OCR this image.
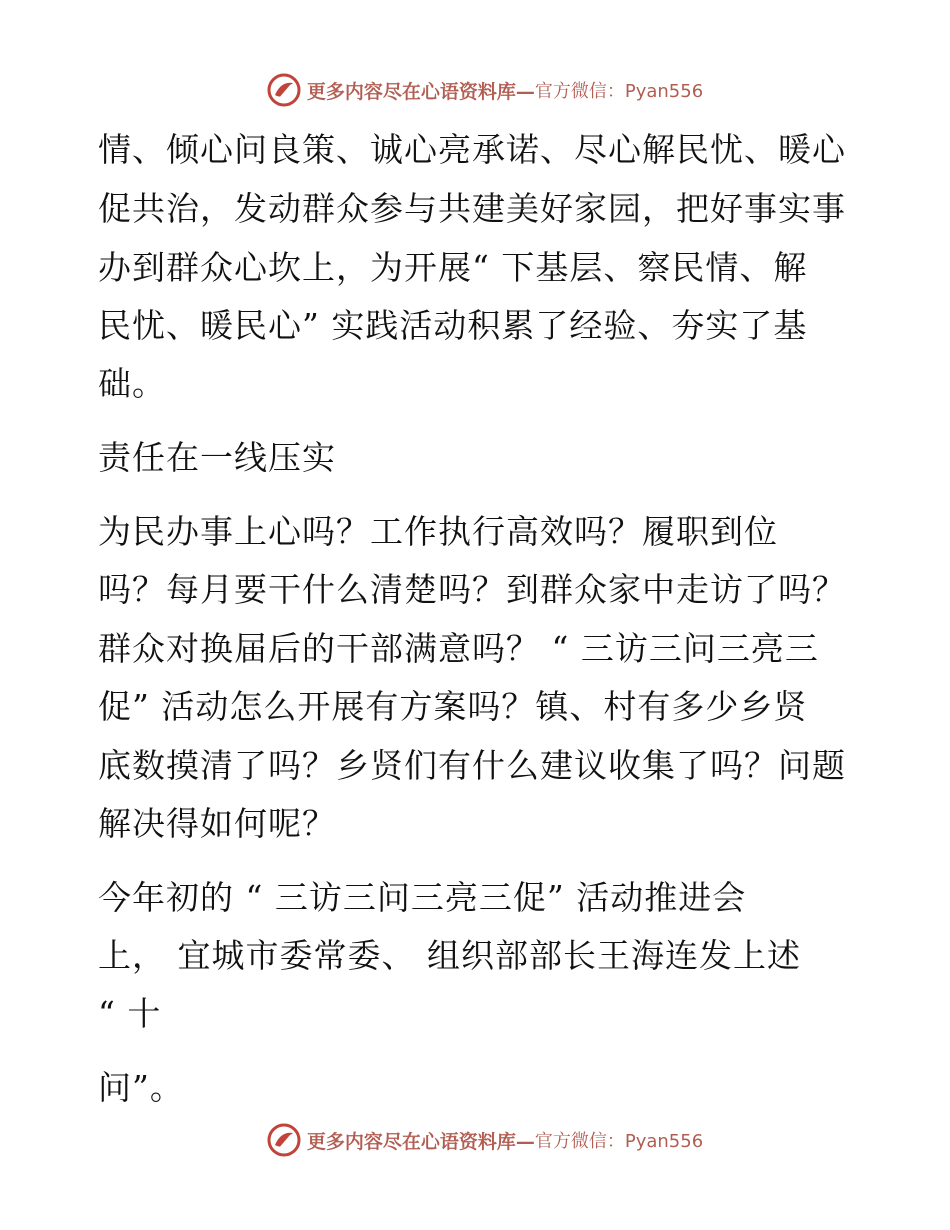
更多内容尽在心语资料库— 官方微信：Pyan556
情、倾心问良策、诚心亮承诺、尽心解民忧、暖心
促共治，发动群众参与共建美好家园，把好事实事
办到群众心坎上，为开展“ 下基层、察民情、解
民忧、暖民心” 实践活动积累了经验、夯实了基
础。
责任在一线压实
为民办事上心吗？工作执行高效吗？履职到位
吗？每月要干什么清楚吗？到群众家中走访了吗？
群众对换届后的干部满意吗？ “ 三访三问三亮三
促” 活动怎么开展有方案吗？镇、村有多少乡贤
底数摸清了吗？乡贤们有什么建议收集了吗？问题
解决得如何呢？
今年初的 “ 三访三问三亮三促” 活动推进会
上， 宜城市委常委、 组织部部长王海连发上述
“ 十
问”。
更多内容尽在心语资料库— 官方微信：Pyan556
